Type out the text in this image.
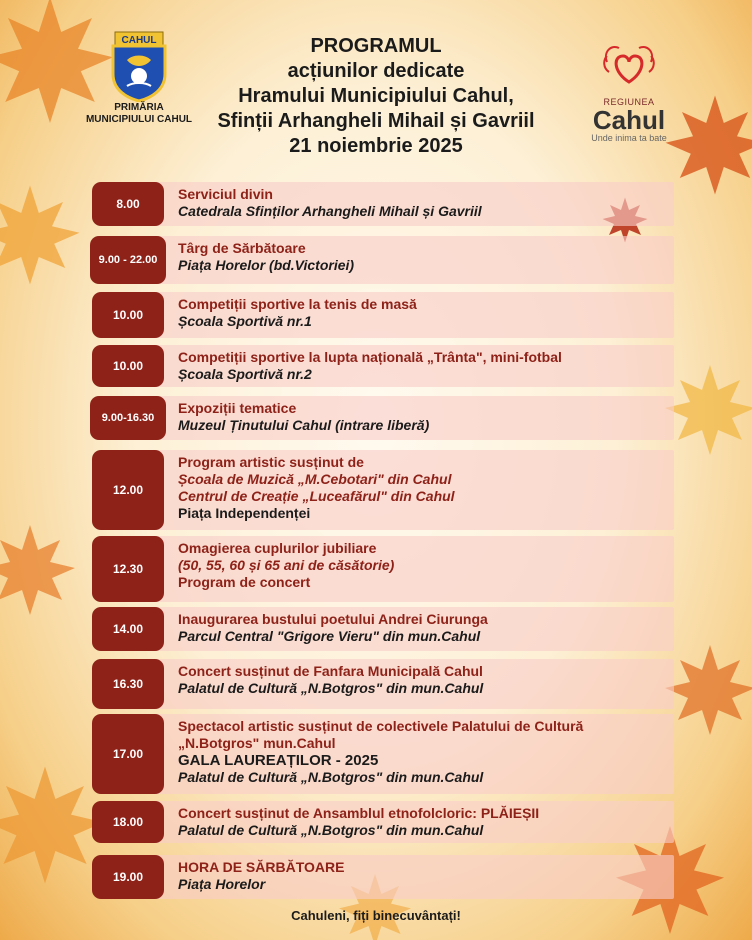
CAHUL
PRIMĂRIA
MUNICIPIULUI CAHUL
PROGRAMUL
acțiunilor dedicate
Hramului Municipiului Cahul,
Sfinții Arhangheli Mihail și Gavriil
21 noiembrie 2025
REGIUNEA
Cahul
Unde inima ta bate
8.00
Serviciul divin
Catedrala Sfinților Arhangheli Mihail și Gavriil
9.00 - 22.00
Târg de Sărbătoare
Piața Horelor (bd.Victoriei)
10.00
Competiții sportive la tenis de masă
Școala Sportivă nr.1
10.00
Competiții sportive la lupta națională „Trânta", mini-fotbal
Școala Sportivă nr.2
9.00-16.30
Expoziții tematice
Muzeul Ținutului Cahul (intrare liberă)
12.00
Program artistic susținut de
Școala de Muzică „M.Cebotari" din Cahul
Centrul de Creație „Luceafărul" din Cahul
Piața Independenței
12.30
Omagierea cuplurilor jubiliare
(50, 55, 60 și 65 ani de căsătorie)
Program de concert
14.00
Inaugurarea bustului poetului Andrei Ciurunga
Parcul Central "Grigore Vieru" din mun.Cahul
16.30
Concert susținut de Fanfara Municipală Cahul
Palatul de Cultură „N.Botgros" din mun.Cahul
17.00
Spectacol artistic susținut de colectivele Palatului de Cultură
„N.Botgros" mun.Cahul
GALA LAUREAȚILOR - 2025
Palatul de Cultură „N.Botgros" din mun.Cahul
18.00
Concert susținut de Ansamblul etnofolcloric: PLĂIEȘII
Palatul de Cultură „N.Botgros" din mun.Cahul
19.00
HORA DE SĂRBĂTOARE
Piața Horelor
Cahuleni, fiți binecuvântați!
